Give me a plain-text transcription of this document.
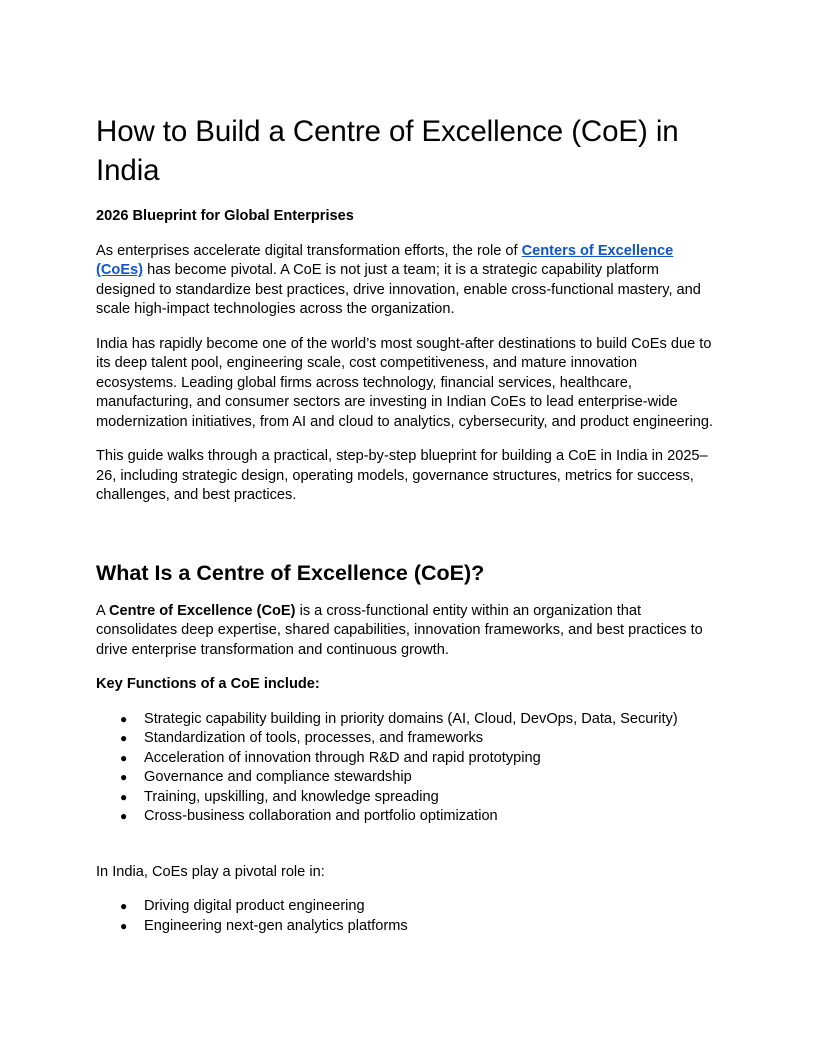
How to Build a Centre of Excellence (CoE) in India
2026 Blueprint for Global Enterprises

As enterprises accelerate digital transformation efforts, the role of Centers of Excellence (CoEs) has become pivotal. A CoE is not just a team; it is a strategic capability platform designed to standardize best practices, drive innovation, enable cross-functional mastery, and scale high-impact technologies across the organization.

India has rapidly become one of the world’s most sought-after destinations to build CoEs due to its deep talent pool, engineering scale, cost competitiveness, and mature innovation ecosystems. Leading global firms across technology, financial services, healthcare, manufacturing, and consumer sectors are investing in Indian CoEs to lead enterprise-wide modernization initiatives, from AI and cloud to analytics, cybersecurity, and product engineering.

This guide walks through a practical, step-by-step blueprint for building a CoE in India in 2025–26, including strategic design, operating models, governance structures, metrics for success, challenges, and best practices.

What Is a Centre of Excellence (CoE)?

A Centre of Excellence (CoE) is a cross-functional entity within an organization that consolidates deep expertise, shared capabilities, innovation frameworks, and best practices to drive enterprise transformation and continuous growth.

Key Functions of a CoE include:

● Strategic capability building in priority domains (AI, Cloud, DevOps, Data, Security)
● Standardization of tools, processes, and frameworks
● Acceleration of innovation through R&D and rapid prototyping
● Governance and compliance stewardship
● Training, upskilling, and knowledge spreading
● Cross-business collaboration and portfolio optimization

In India, CoEs play a pivotal role in:

● Driving digital product engineering
● Engineering next-gen analytics platforms
